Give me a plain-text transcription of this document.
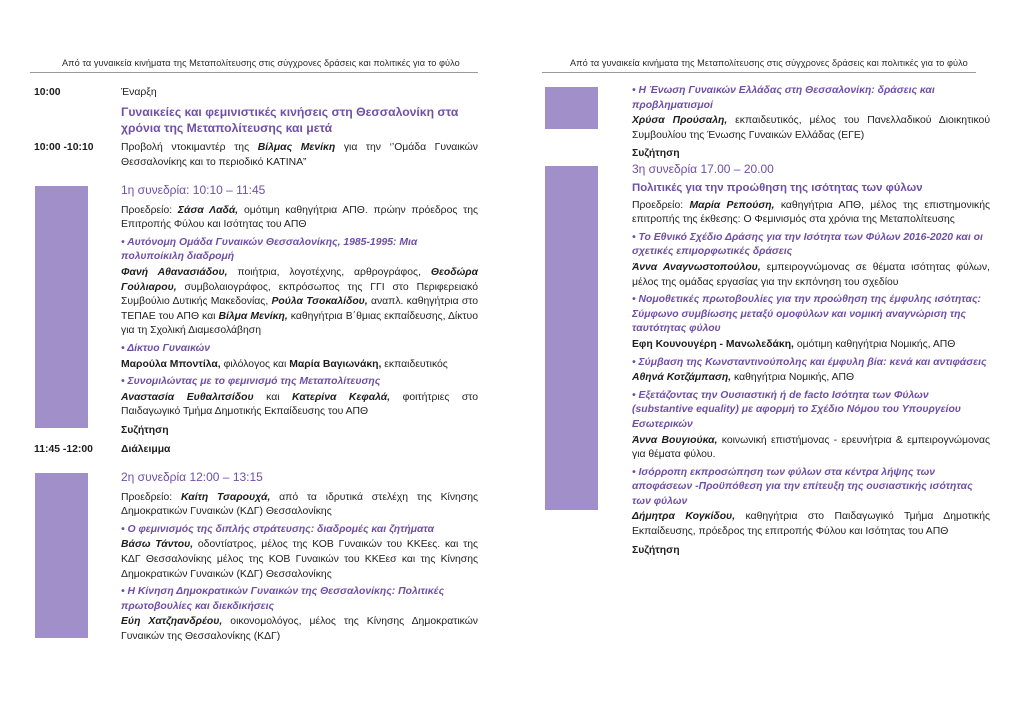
Από τα γυναικεία κινήματα της Μεταπολίτευσης στις σύγχρονες δράσεις και πολιτικές για το φύλο
10:00	Έναρξη

Γυναικείες και φεμινιστικές κινήσεις στη Θεσσαλονίκη στα χρόνια της Μεταπολίτευσης και μετά

10:00 -10:10	Προβολή ντοκιμαντέρ της Βίλμας Μενίκη για την ‘’Ομάδα Γυναικών Θεσσαλονίκης και το περιοδικό ΚΑΤΙΝΑ”

1η συνεδρία: 10:10 – 11:45

Προεδρείο: Σάσα Λαδά, ομότιμη καθηγήτρια ΑΠΘ. πρώην πρόεδρος της Επιτροπής Φύλου και Ισότητας του ΑΠΘ

• Αυτόνομη Ομάδα Γυναικών Θεσσαλονίκης, 1985-1995: Μια πολυποίκιλη διαδρομή

Φανή Αθανασιάδου, ποιήτρια, λογοτέχνης, αρθρογράφος, Θεοδώρα Γούλιαρου, συμβολαιογράφος, εκπρόσωπος της ΓΓΙ στο Περιφερειακό Συμβούλιο Δυτικής Μακεδονίας, Ρούλα Τσοκαλίδου, αναπλ. καθηγήτρια στο ΤΕΠΑΕ του ΑΠΘ και Βίλμα Μενίκη, καθηγήτρια Β΄θμιας εκπαίδευσης, Δίκτυο για τη Σχολική Διαμεσολάβηση

• Δίκτυο Γυναικών

Μαρούλα Μποντίλα, φιλόλογος και Μαρία Βαγιωνάκη, εκπαιδευτικός

• Συνομιλώντας με το φεμινισμό της Μεταπολίτευσης

Αναστασία Ευθαλιτσίδου και Κατερίνα Κεφαλά, φοιτήτριες στο Παιδαγωγικό Τμήμα Δημοτικής Εκπαίδευσης του ΑΠΘ

Συζήτηση

11:45 -12:00	Διάλειμμα

2η συνεδρία 12:00 – 13:15

Προεδρείο: Καίτη Τσαρουχά, από τα ιδρυτικά στελέχη της Κίνησης Δημοκρατικών Γυναικών (ΚΔΓ) Θεσσαλονίκης

• Ο φεμινισμός της διπλής στράτευσης: διαδρομές και ζητήματα

Βάσω Τάντου, οδοντίατρος, μέλος της ΚΟΒ Γυναικών του ΚΚΕες. και της ΚΔΓ Θεσσαλονίκης μέλος της ΚΟΒ Γυναικών του ΚΚΕεσ και της Κίνησης Δημοκρατικών Γυναικών (ΚΔΓ) Θεσσαλονίκης

• Η Κίνηση Δημοκρατικών Γυναικών της Θεσσαλονίκης: Πολιτικές πρωτοβουλίες και διεκδικήσεις

Εύη Χατζηανδρέου, οικονομολόγος, μέλος της Κίνησης Δημοκρατικών Γυναικών της Θεσσαλονίκης (ΚΔΓ)

Από τα γυναικεία κινήματα της Μεταπολίτευσης στις σύγχρονες δράσεις και πολιτικές για το φύλο

• Η Ένωση Γυναικών Ελλάδας στη Θεσσαλονίκη: δράσεις και προβληματισμοί

Χρύσα Προύσαλη, εκπαιδευτικός, μέλος του Πανελλαδικού Διοικητικού Συμβουλίου της Ένωσης Γυναικών Ελλάδας (ΕΓΕ)

Συζήτηση

3η συνεδρία 17.00 – 20.00

Πολιτικές για την προώθηση της ισότητας των φύλων

Προεδρείο: Μαρία Ρεπούση, καθηγήτρια ΑΠΘ, μέλος της επιστημονικής επιτροπής της έκθεσης: Ο Φεμινισμός στα χρόνια της Μεταπολίτευσης

• Το Εθνικό Σχέδιο Δράσης για την Ισότητα των Φύλων 2016-2020 και οι σχετικές επιμορφωτικές δράσεις

Άννα Αναγνωστοπούλου, εμπειρογνώμονας σε θέματα ισότητας φύλων, μέλος της ομάδας εργασίας για την εκπόνηση του σχεδίου

• Νομοθετικές πρωτοβουλίες για την προώθηση της έμφυλης ισότητας: Σύμφωνο συμβίωσης μεταξύ ομοφύλων και νομική αναγνώριση της ταυτότητας φύλου

Εφη Κουνουγέρη - Μανωλεδάκη, ομότιμη καθηγήτρια Νομικής, ΑΠΘ

• Σύμβαση της Κωνσταντινούπολης και έμφυλη βία: κενά και αντιφάσεις

Αθηνά Κοτζάμπαση, καθηγήτρια Νομικής, ΑΠΘ

• Εξετάζοντας την Ουσιαστική ή de facto Ισότητα των Φύλων (substantive equality) με αφορμή το Σχέδιο Νόμου του Υπουργείου Εσωτερικών

Άννα Βουγιούκα, κοινωνική επιστήμονας - ερευνήτρια & εμπειρογνώμονας για θέματα φύλου.

• Ισόρροπη εκπροσώπηση των φύλων στα κέντρα λήψης των αποφάσεων -Προϋπόθεση για την επίτευξη της ουσιαστικής ισότητας των φύλων

Δήμητρα Κογκίδου, καθηγήτρια στο Παιδαγωγικό Τμήμα Δημοτικής Εκπαίδευσης, πρόεδρος της επιτροπής Φύλου και Ισότητας του ΑΠΘ

Συζήτηση
